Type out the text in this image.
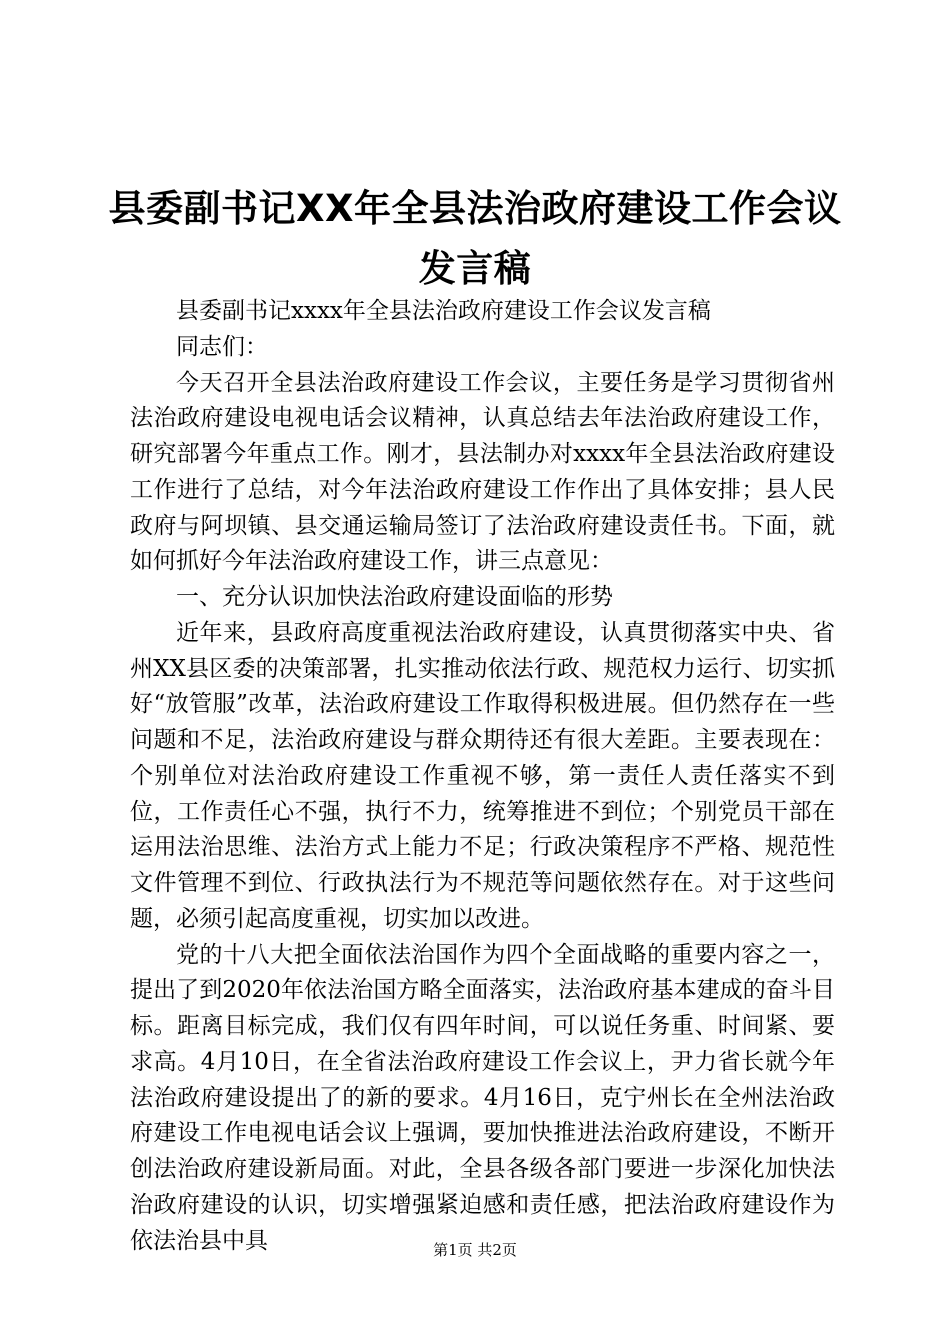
县委副书记XX年全县法治政府建设工作会议
发言稿

县委副书记xxxx年全县法治政府建设工作会议发言稿

同志们：

今天召开全县法治政府建设工作会议，主要任务是学习贯彻省州法治政府建设电视电话会议精神，认真总结去年法治政府建设工作，研究部署今年重点工作。刚才，县法制办对xxxx年全县法治政府建设工作进行了总结，对今年法治政府建设工作作出了具体安排；县人民政府与阿坝镇、县交通运输局签订了法治政府建设责任书。下面，就如何抓好今年法治政府建设工作，讲三点意见：

一、充分认识加快法治政府建设面临的形势

近年来，县政府高度重视法治政府建设，认真贯彻落实中央、省州XX县区委的决策部署，扎实推动依法行政、规范权力运行、切实抓好“放管服”改革，法治政府建设工作取得积极进展。但仍然存在一些问题和不足，法治政府建设与群众期待还有很大差距。主要表现在：个别单位对法治政府建设工作重视不够，第一责任人责任落实不到位，工作责任心不强，执行不力，统筹推进不到位；个别党员干部在运用法治思维、法治方式上能力不足；行政决策程序不严格、规范性文件管理不到位、行政执法行为不规范等问题依然存在。对于这些问题，必须引起高度重视，切实加以改进。

党的十八大把全面依法治国作为四个全面战略的重要内容之一，提出了到2020年依法治国方略全面落实，法治政府基本建成的奋斗目标。距离目标完成，我们仅有四年时间，可以说任务重、时间紧、要求高。4月10日，在全省法治政府建设工作会议上，尹力省长就今年法治政府建设提出了的新的要求。4月16日，克宁州长在全州法治政府建设工作电视电话会议上强调，要加快推进法治政府建设，不断开创法治政府建设新局面。对此，全县各级各部门要进一步深化加快法治政府建设的认识，切实增强紧迫感和责任感，把法治政府建设作为依法治县中具	第1页 共2页
